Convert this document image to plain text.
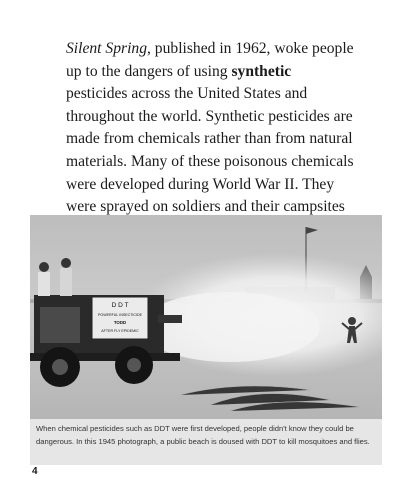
Silent Spring, published in 1962, woke people up to the dangers of using synthetic pesticides across the United States and throughout the world. Synthetic pesticides are made from chemicals rather than from natural materials. Many of these poisonous chemicals were developed during World War II. They were sprayed on soldiers and their campsites

D D T
POWERFUL INSECTICIDE
TODD
AFTER FLY EPIDEMIC

When chemical pesticides such as DDT were first developed, people didn't know they could be dangerous. In this 1945 photograph, a public beach is doused with DDT to kill mosquitoes and flies.

4
